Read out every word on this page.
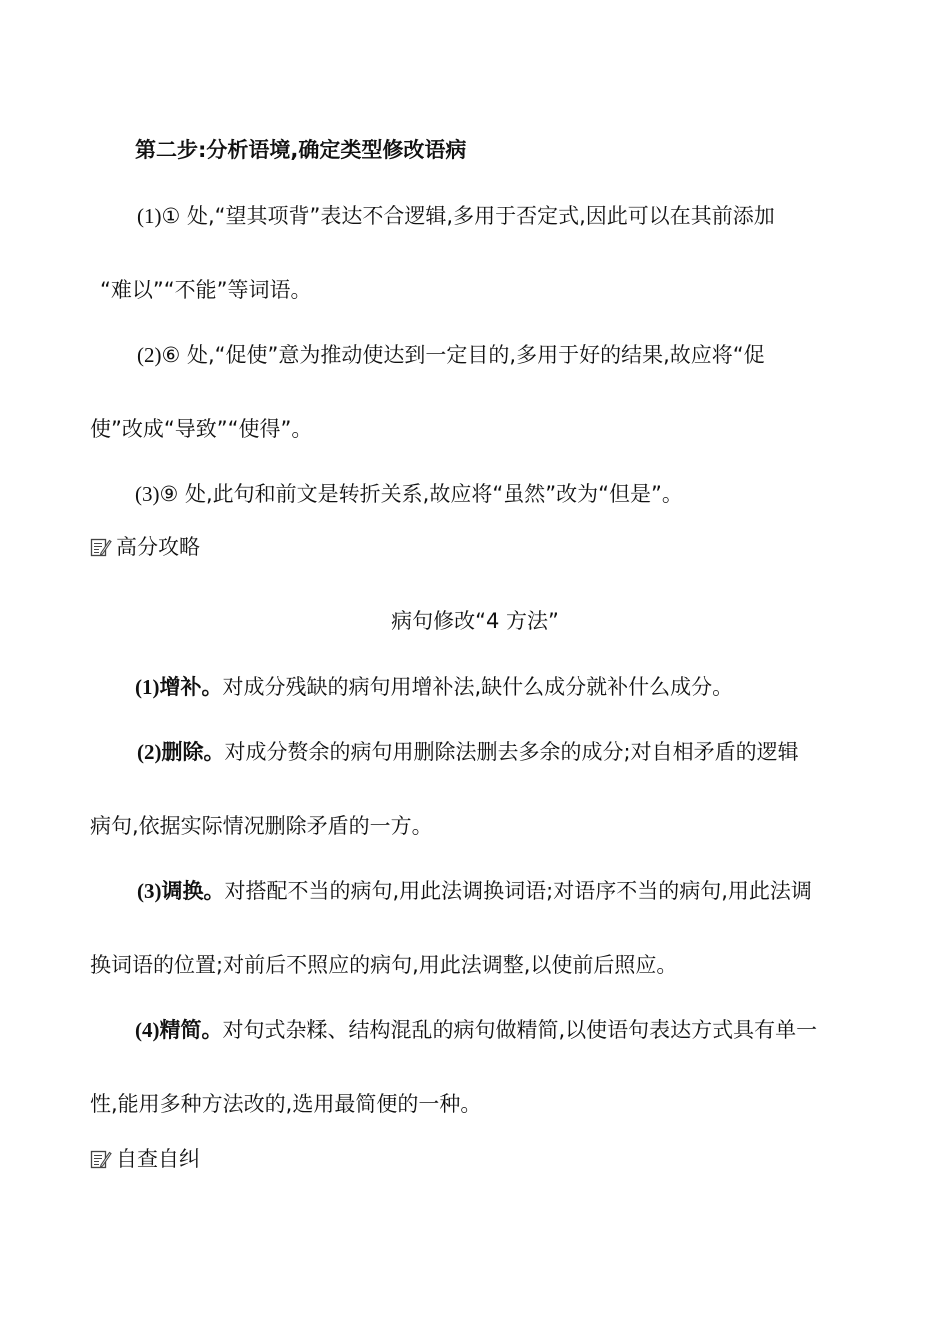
第二步:分析语境,确定类型修改语病
(1)① 处,“望其项背”表达不合逻辑,多用于否定式,因此可以在其前添加
“难以”“不能”等词语。
(2)⑥ 处,“促使”意为推动使达到一定目的,多用于好的结果,故应将“促
使”改成“导致”“使得”。
(3)⑨ 处,此句和前文是转折关系,故应将“虽然”改为“但是”。
高分攻略
病句修改“4 方法”
(1)增补。对成分残缺的病句用增补法,缺什么成分就补什么成分。
(2)删除。对成分赘余的病句用删除法删去多余的成分;对自相矛盾的逻辑
病句,依据实际情况删除矛盾的一方。
(3)调换。对搭配不当的病句,用此法调换词语;对语序不当的病句,用此法调
换词语的位置;对前后不照应的病句,用此法调整,以使前后照应。
(4)精简。对句式杂糅、结构混乱的病句做精简,以使语句表达方式具有单一
性,能用多种方法改的,选用最简便的一种。
自查自纠
